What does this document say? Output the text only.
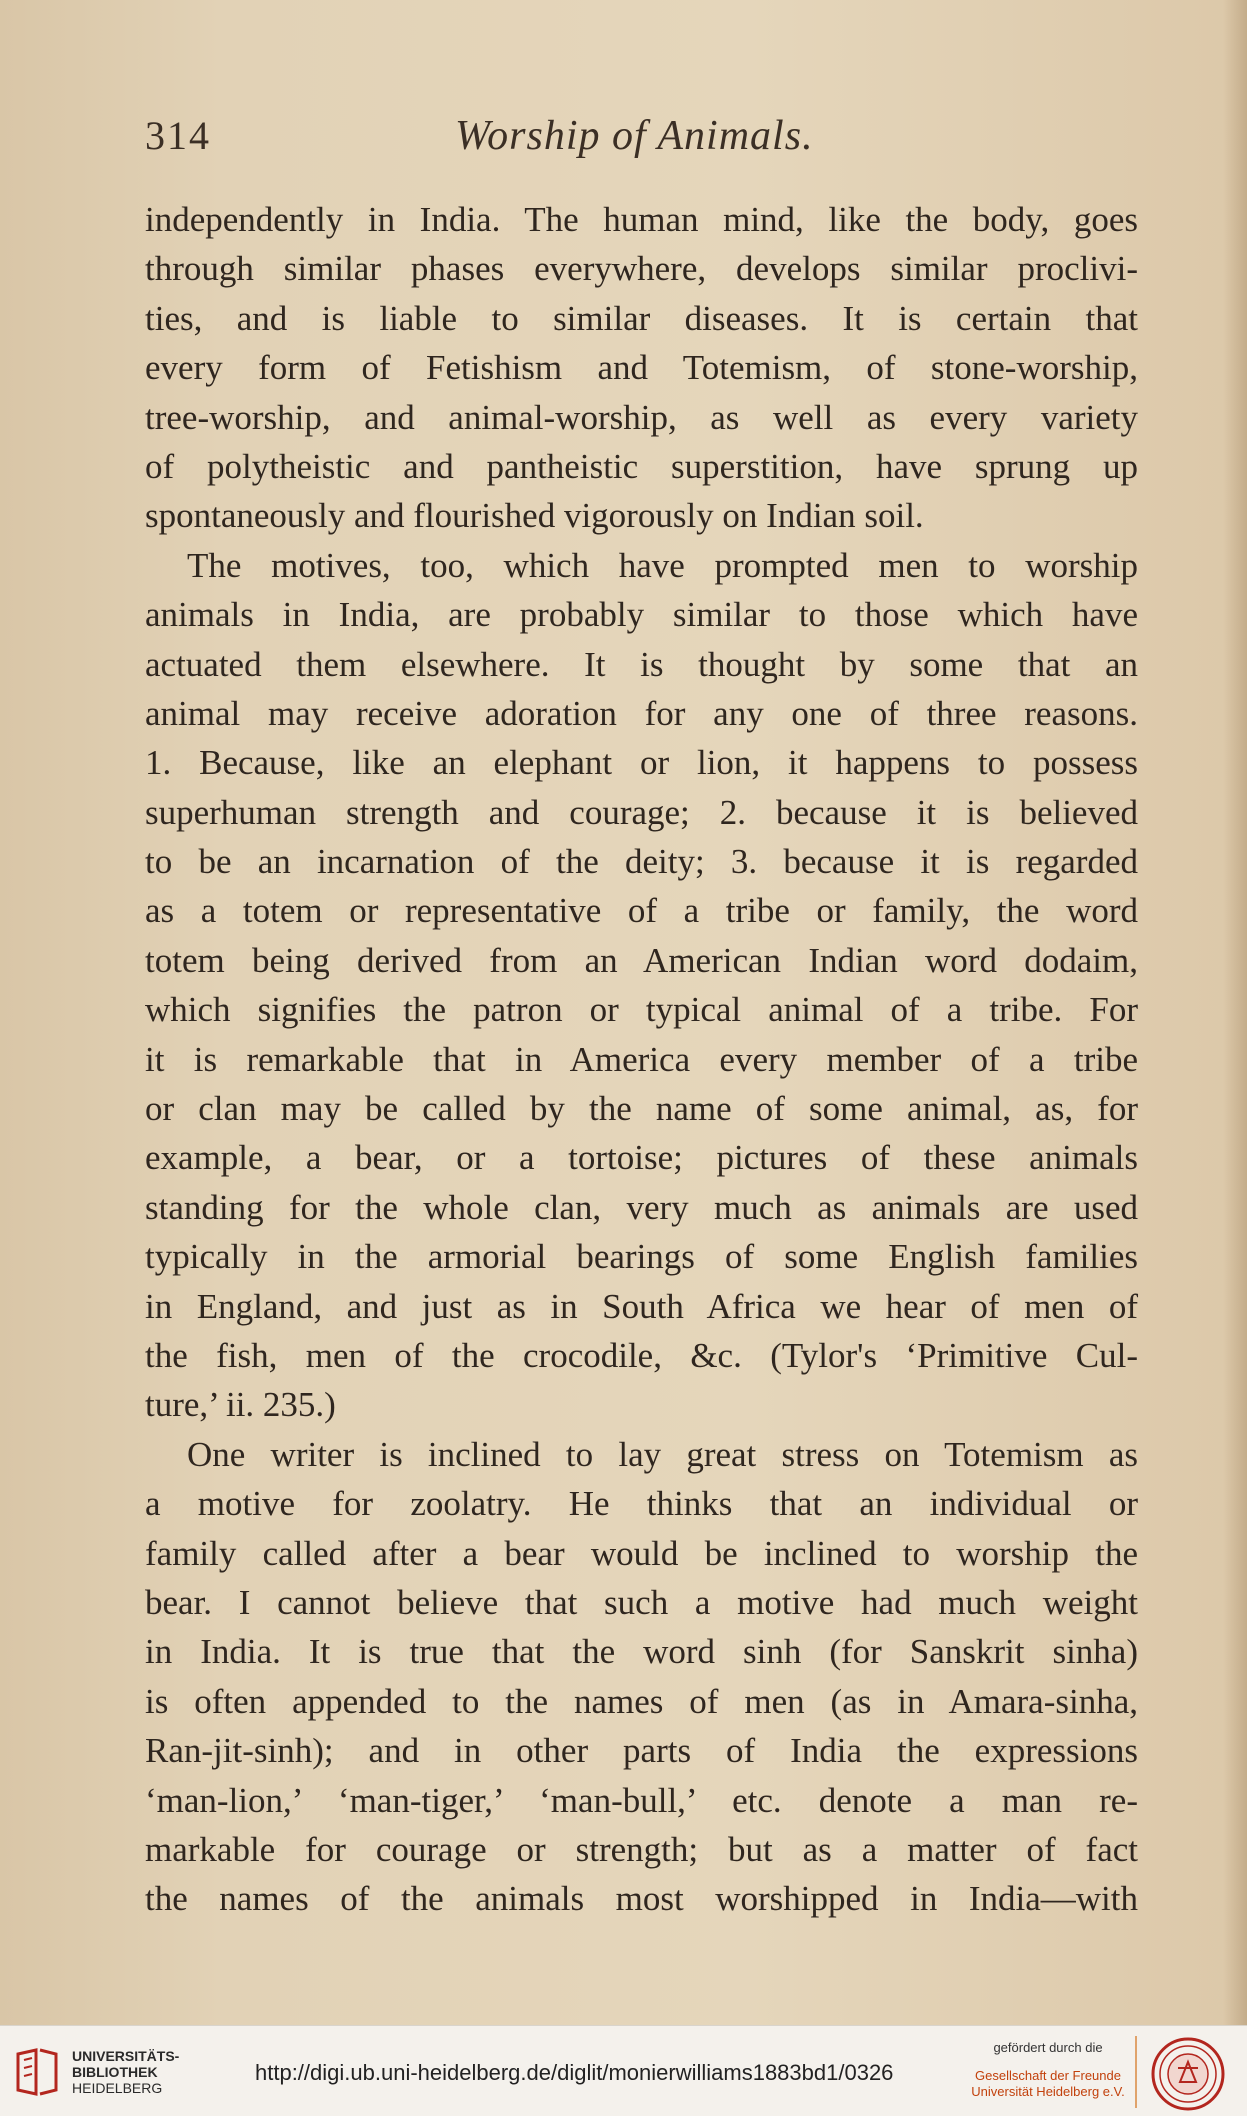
314	Worship of Animals.
independently in India. The human mind, like the body, goes
through similar phases everywhere, develops similar proclivi-
ties, and is liable to similar diseases. It is certain that
every form of Fetishism and Totemism, of stone-worship,
tree-worship, and animal-worship, as well as every variety
of polytheistic and pantheistic superstition, have sprung up
spontaneously and flourished vigorously on Indian soil.
The motives, too, which have prompted men to worship
animals in India, are probably similar to those which have
actuated them elsewhere. It is thought by some that an
animal may receive adoration for any one of three reasons.
1. Because, like an elephant or lion, it happens to possess
superhuman strength and courage; 2. because it is believed
to be an incarnation of the deity; 3. because it is regarded
as a totem or representative of a tribe or family, the word
totem being derived from an American Indian word dodaim,
which signifies the patron or typical animal of a tribe. For
it is remarkable that in America every member of a tribe
or clan may be called by the name of some animal, as, for
example, a bear, or a tortoise; pictures of these animals
standing for the whole clan, very much as animals are used
typically in the armorial bearings of some English families
in England, and just as in South Africa we hear of men of
the fish, men of the crocodile, &c. (Tylor's ‘Primitive Cul-
ture,’ ii. 235.)
One writer is inclined to lay great stress on Totemism as
a motive for zoolatry. He thinks that an individual or
family called after a bear would be inclined to worship the
bear. I cannot believe that such a motive had much weight
in India. It is true that the word sinh (for Sanskrit sinha)
is often appended to the names of men (as in Amara-sinha,
Ran-jit-sinh); and in other parts of India the expressions
‘man-lion,’ ‘man-tiger,’ ‘man-bull,’ etc. denote a man re-
markable for courage or strength; but as a matter of fact
the names of the animals most worshipped in India—with
UNIVERSITÄTS-
BIBLIOTHEK
HEIDELBERG
http://digi.ub.uni-heidelberg.de/diglit/monierwilliams1883bd1/0326
gefördert durch die
Gesellschaft der Freunde
Universität Heidelberg e.V.
